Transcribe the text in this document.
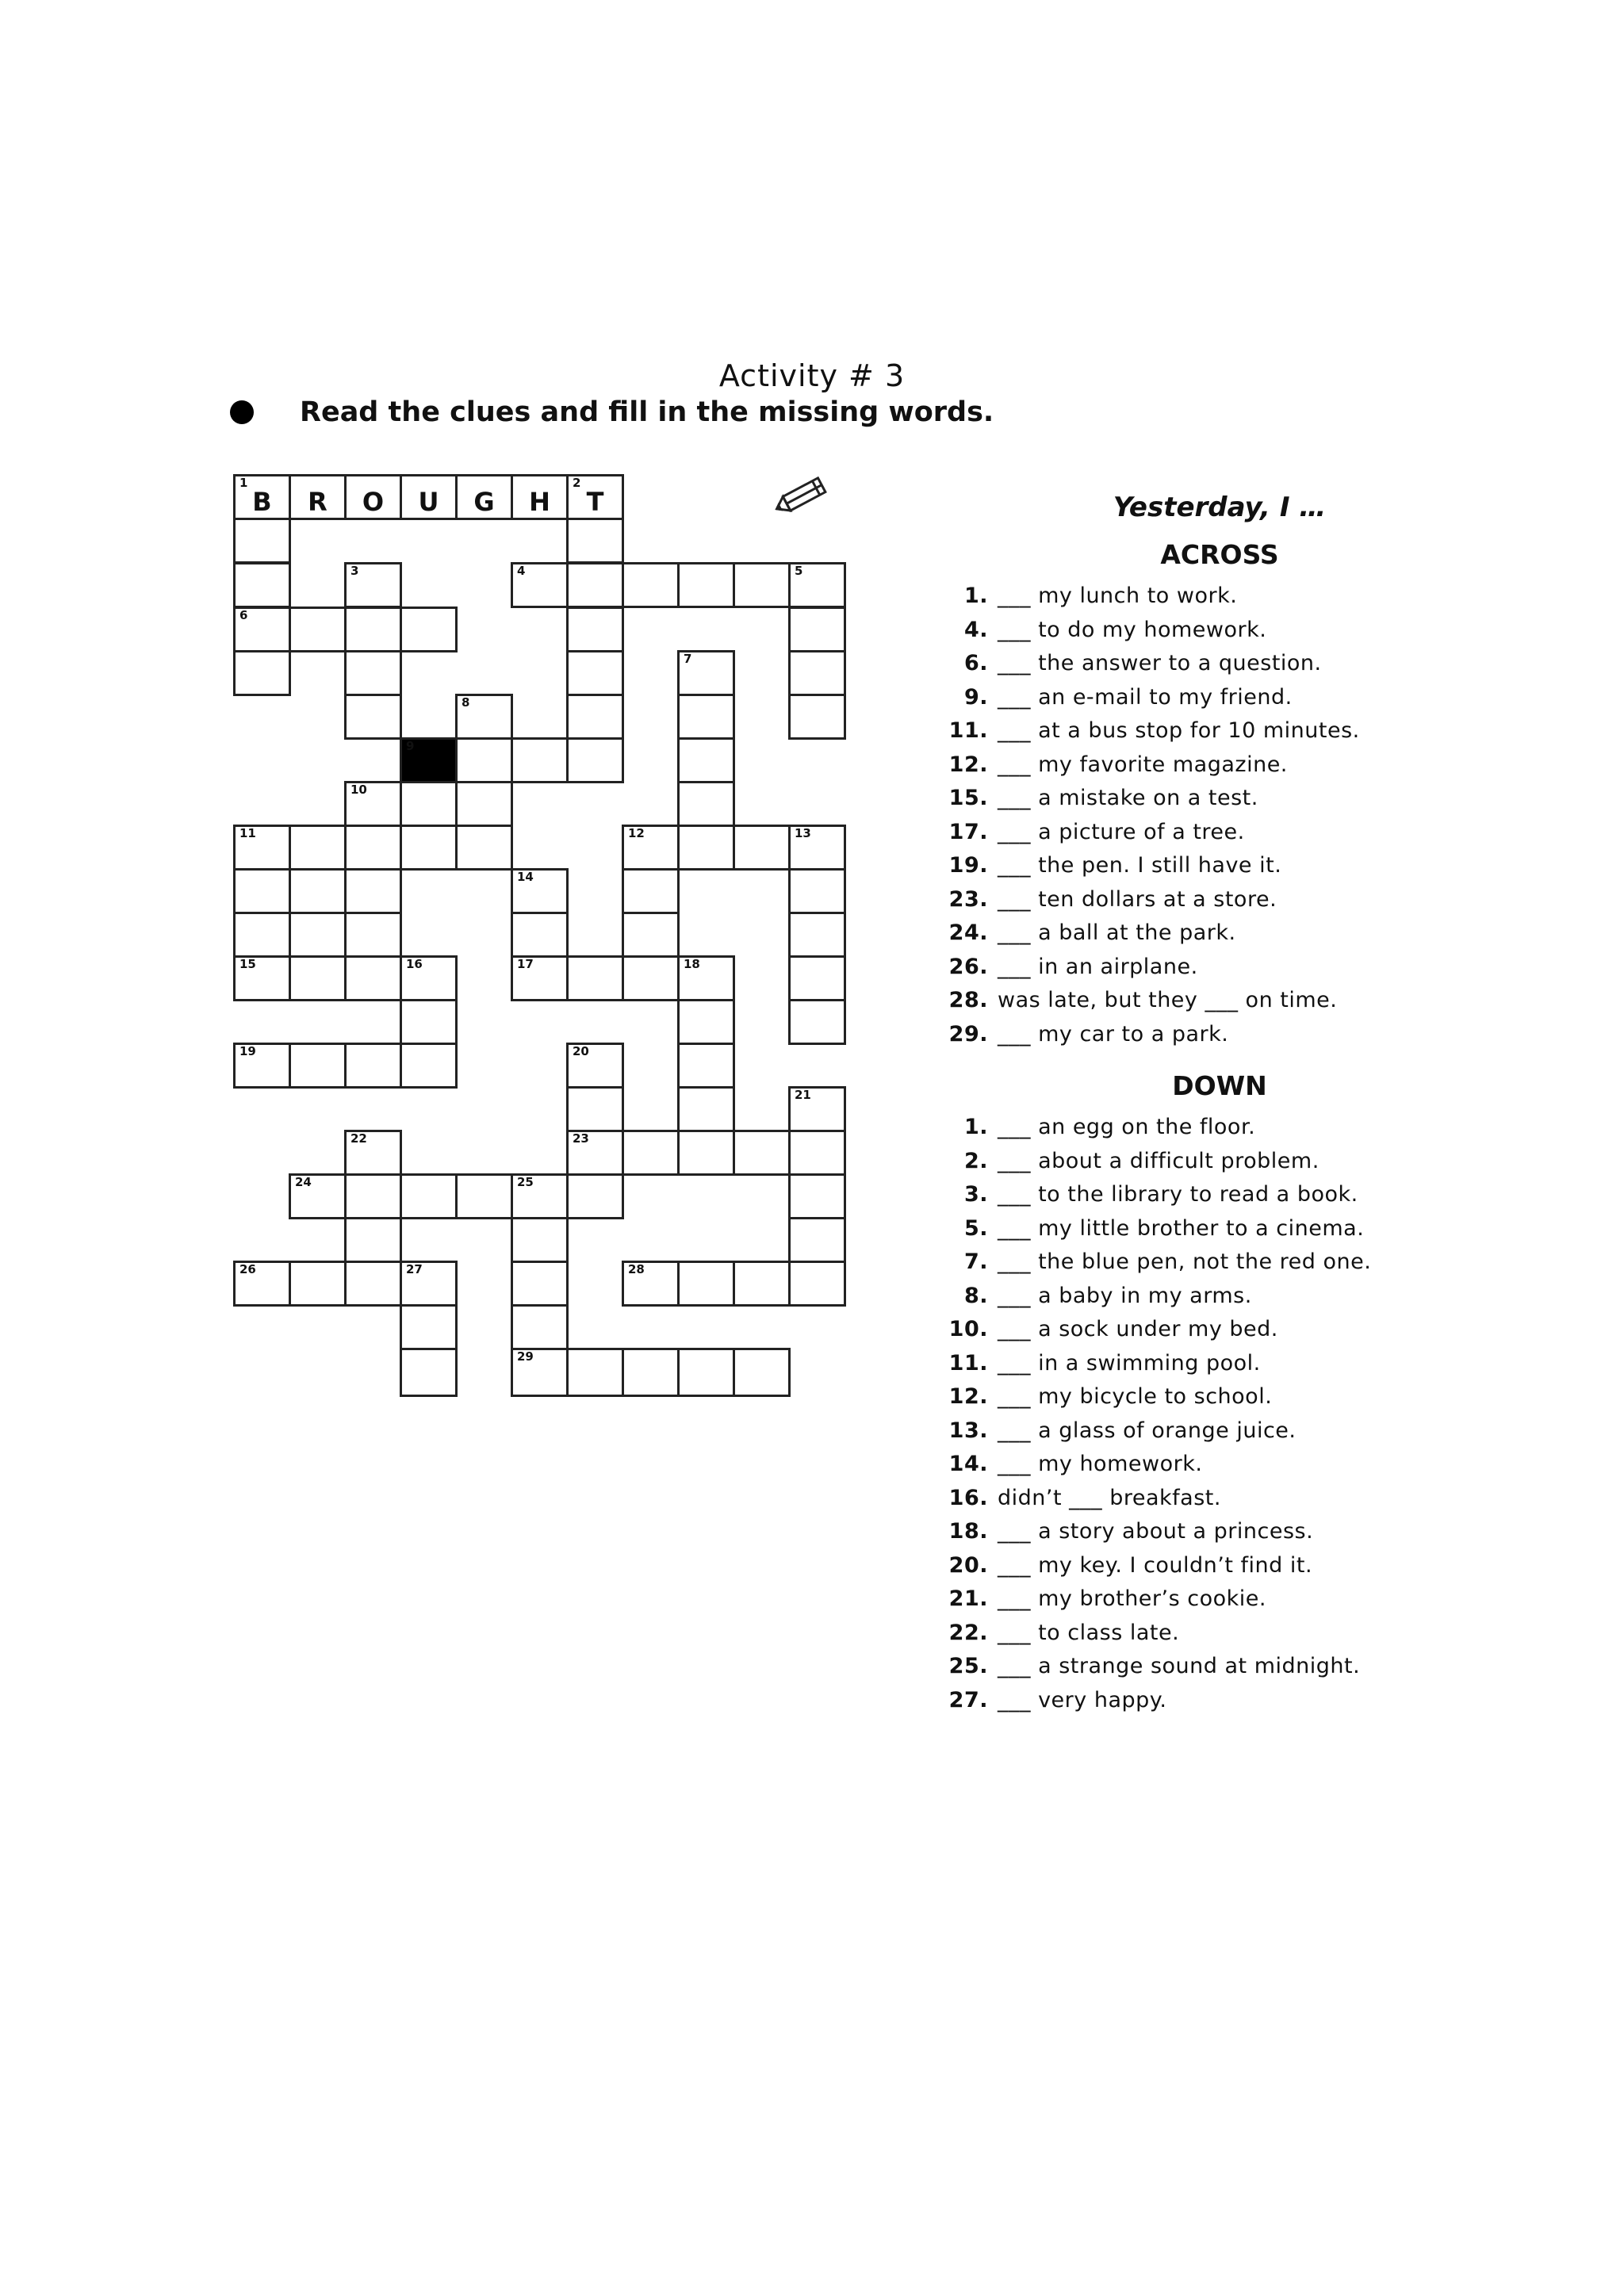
Activity # 3
Read the clues and fill in the missing words.
1
B	R	O	U	G	H
2
T
3	4	5
6
7
8
9
10
11	12	13
14
15	16	17	18
19	20
21
22	23
24	25
26	27	28
29
Yesterday, I …
ACROSS
1. ___ my lunch to work.
4. ___ to do my homework.
6. ___ the answer to a question.
9. ___ an e-mail to my friend.
11. ___ at a bus stop for 10 minutes.
12. ___ my favorite magazine.
15. ___ a mistake on a test.
17. ___ a picture of a tree.
19. ___ the pen. I still have it.
23. ___ ten dollars at a store.
24. ___ a ball at the park.
26. ___ in an airplane.
28. was late, but they ___ on time.
29. ___ my car to a park.
DOWN
1. ___ an egg on the floor.
2. ___ about a difficult problem.
3. ___ to the library to read a book.
5. ___ my little brother to a cinema.
7. ___ the blue pen, not the red one.
8. ___ a baby in my arms.
10. ___ a sock under my bed.
11. ___ in a swimming pool.
12. ___ my bicycle to school.
13. ___ a glass of orange juice.
14. ___ my homework.
16. didn’t ___ breakfast.
18. ___ a story about a princess.
20. ___ my key. I couldn’t find it.
21. ___ my brother’s cookie.
22. ___ to class late.
25. ___ a strange sound at midnight.
27. ___ very happy.
